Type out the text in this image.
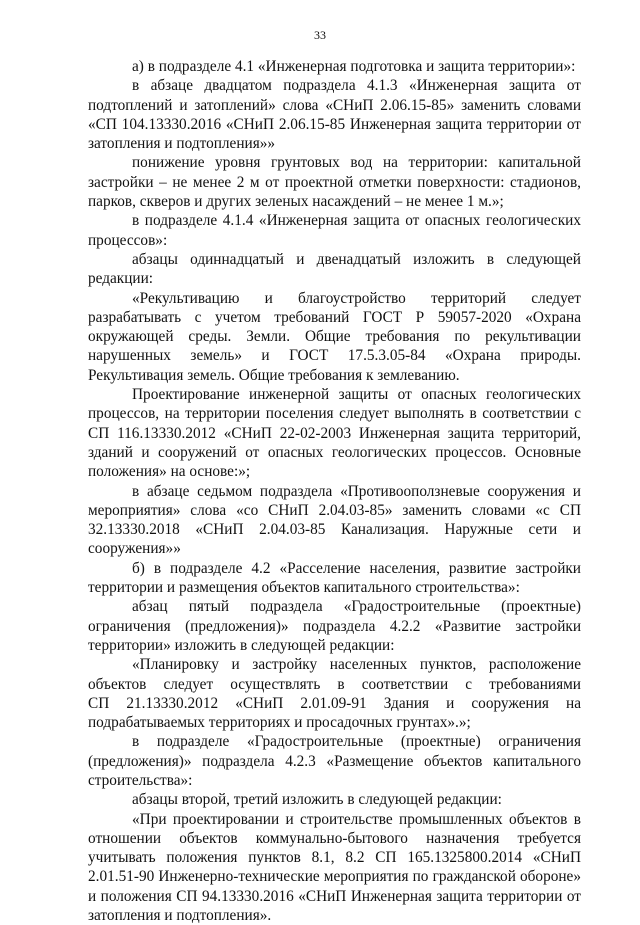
33
а) в подразделе 4.1 «Инженерная подготовка и защита территории»:
в абзаце двадцатом подраздела 4.1.3 «Инженерная защита от
подтоплений и затоплений» слова «СНиП 2.06.15-85» заменить словами
«СП 104.13330.2016 «СНиП 2.06.15-85 Инженерная защита территории от
затопления и подтопления»»
понижение уровня грунтовых вод на территории: капитальной
застройки – не менее 2 м от проектной отметки поверхности: стадионов,
парков, скверов и других зеленых насаждений – не менее 1 м.»;
в подразделе 4.1.4 «Инженерная защита от опасных геологических
процессов»:
абзацы одиннадцатый и двенадцатый изложить в следующей
редакции:
«Рекультивацию и благоустройство территорий следует
разрабатывать с учетом требований ГОСТ Р 59057-2020 «Охрана
окружающей среды. Земли. Общие требования по рекультивации
нарушенных земель» и ГОСТ 17.5.3.05-84 «Охрана природы.
Рекультивация земель. Общие требования к землеванию.
Проектирование инженерной защиты от опасных геологических
процессов, на территории поселения следует выполнять в соответствии с
СП 116.13330.2012 «СНиП 22-02-2003 Инженерная защита территорий,
зданий и сооружений от опасных геологических процессов. Основные
положения» на основе:»;
в абзаце седьмом подраздела «Противооползневые сооружения и
мероприятия» слова «со СНиП 2.04.03-85» заменить словами «с СП
32.13330.2018 «СНиП 2.04.03-85 Канализация. Наружные сети и
сооружения»»
б) в подразделе 4.2 «Расселение населения, развитие застройки
территории и размещения объектов капитального строительства»:
абзац пятый подраздела «Градостроительные (проектные)
ограничения (предложения)» подраздела 4.2.2 «Развитие застройки
территории» изложить в следующей редакции:
«Планировку и застройку населенных пунктов, расположение
объектов следует осуществлять в соответствии с требованиями
СП 21.13330.2012 «СНиП 2.01.09-91 Здания и сооружения на
подрабатываемых территориях и просадочных грунтах».»;
в подразделе «Градостроительные (проектные) ограничения
(предложения)» подраздела 4.2.3 «Размещение объектов капитального
строительства»:
абзацы второй, третий изложить в следующей редакции:
«При проектировании и строительстве промышленных объектов в
отношении объектов коммунально-бытового назначения требуется
учитывать положения пунктов 8.1, 8.2 СП 165.1325800.2014 «СНиП
2.01.51-90 Инженерно-технические мероприятия по гражданской обороне»
и положения СП 94.13330.2016 «СНиП Инженерная защита территории от
затопления и подтопления».
